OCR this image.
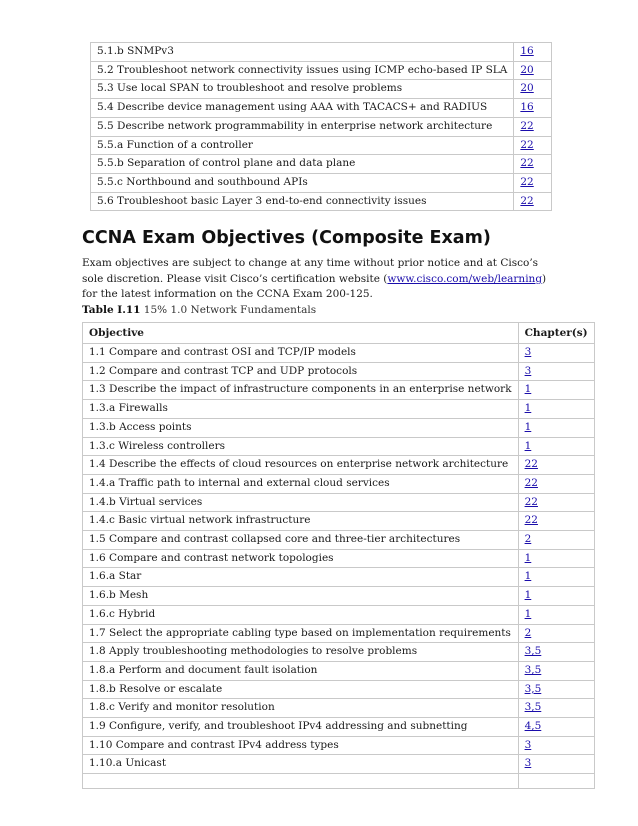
5.1.b SNMPv3	16
5.2 Troubleshoot network connectivity issues using ICMP echo-based IP SLA	20
5.3 Use local SPAN to troubleshoot and resolve problems	20
5.4 Describe device management using AAA with TACACS+ and RADIUS	16
5.5 Describe network programmability in enterprise network architecture	22
5.5.a Function of a controller	22
5.5.b Separation of control plane and data plane	22
5.5.c Northbound and southbound APIs	22
5.6 Troubleshoot basic Layer 3 end-to-end connectivity issues	22
CCNA Exam Objectives (Composite Exam)

Exam objectives are subject to change at any time without prior notice and at Cisco’s sole discretion. Please visit Cisco’s certification website (www.cisco.com/web/learning) for the latest information on the CCNA Exam 200-125.

Table I.11 15% 1.0 Network Fundamentals

Objective	Chapter(s)
1.1 Compare and contrast OSI and TCP/IP models	3
1.2 Compare and contrast TCP and UDP protocols	3
1.3 Describe the impact of infrastructure components in an enterprise network	1
1.3.a Firewalls	1
1.3.b Access points	1
1.3.c Wireless controllers	1
1.4 Describe the effects of cloud resources on enterprise network architecture	22
1.4.a Traffic path to internal and external cloud services	22
1.4.b Virtual services	22
1.4.c Basic virtual network infrastructure	22
1.5 Compare and contrast collapsed core and three-tier architectures	2
1.6 Compare and contrast network topologies	1
1.6.a Star	1
1.6.b Mesh	1
1.6.c Hybrid	1
1.7 Select the appropriate cabling type based on implementation requirements	2
1.8 Apply troubleshooting methodologies to resolve problems	3,5
1.8.a Perform and document fault isolation	3,5
1.8.b Resolve or escalate	3,5
1.8.c Verify and monitor resolution	3,5
1.9 Configure, verify, and troubleshoot IPv4 addressing and subnetting	4,5
1.10 Compare and contrast IPv4 address types	3
1.10.a Unicast	3
